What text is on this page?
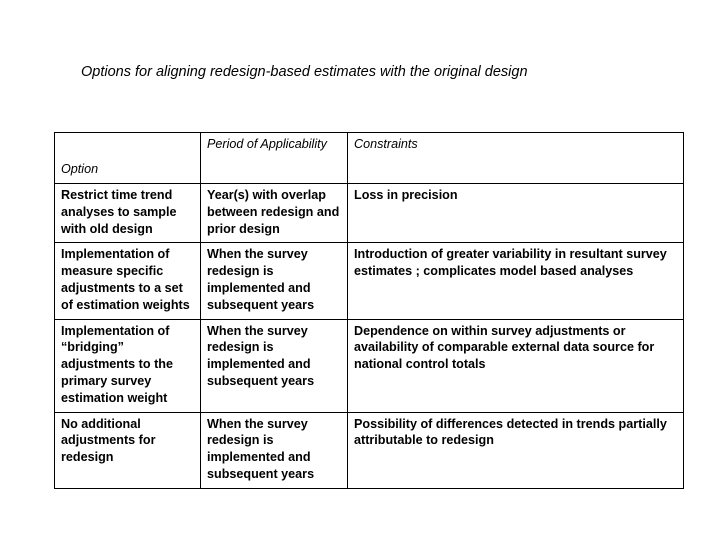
Options for aligning redesign-based estimates with the original design
Option	Period of Applicability	Constraints
Restrict time trend analyses to sample with old design	Year(s) with overlap between redesign and prior design	Loss in precision
Implementation of measure specific adjustments to a set of estimation weights	When the survey redesign is implemented and subsequent years	Introduction of greater variability in resultant survey estimates ; complicates model based analyses
Implementation of “bridging” adjustments to the primary survey estimation weight	When the survey redesign is implemented and subsequent years	Dependence on within survey adjustments or availability of comparable external data source for national control totals
No additional adjustments for redesign	When the survey redesign is implemented and subsequent years	Possibility of differences detected in trends partially attributable to redesign
